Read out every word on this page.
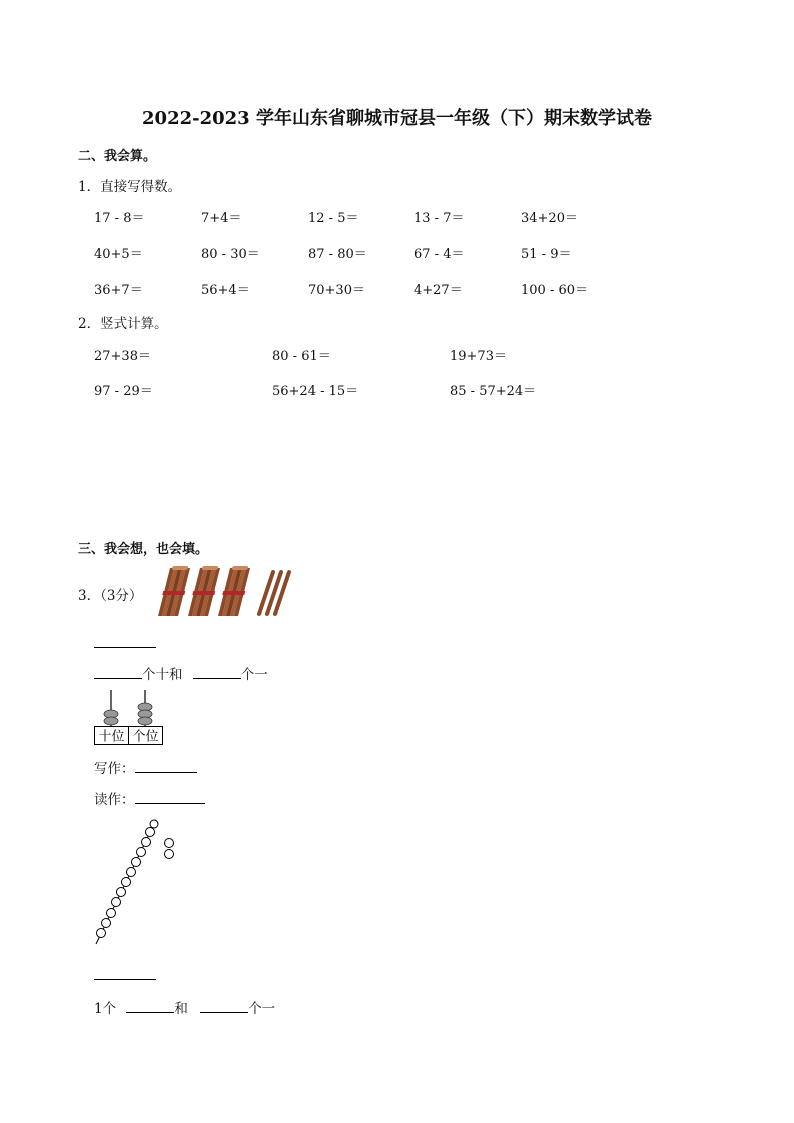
2022-2023 学年山东省聊城市冠县一年级（下）期末数学试卷
二、我会算。
1．直接写得数。
17 - 8＝	7+4＝	12 - 5＝	13 - 7＝	34+20＝
40+5＝	80 - 30＝	87 - 80＝	67 - 4＝	51 - 9＝
36+7＝	56+4＝	70+30＝	4+27＝	100 - 60＝
2．竖式计算。
27+38＝	80 - 61＝	19+73＝
97 - 29＝	56+24 - 15＝	85 - 57+24＝
三、我会想，也会填。
3．（3分）
个十和	个一
十位 个位
写作：
读作：
1个	和	个一
